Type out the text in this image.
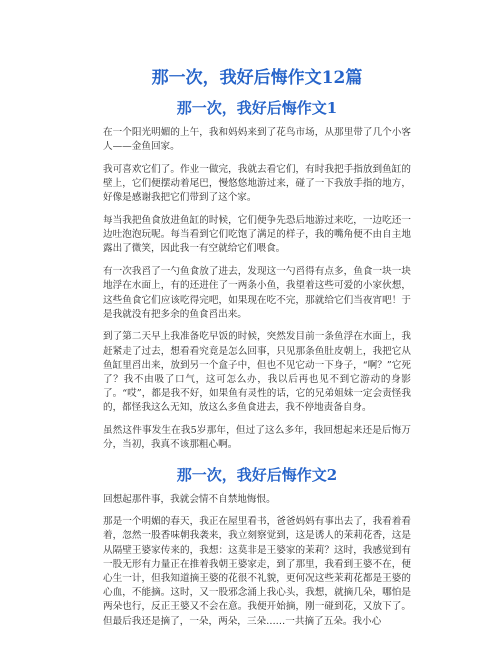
那一次，我好后悔作文12篇
那一次，我好后悔作文1

在一个阳光明媚的上午，我和妈妈来到了花鸟市场，从那里带了几个小客人——金鱼回家。

我可喜欢它们了。作业一做完，我就去看它们，有时我把手指放到鱼缸的壁上，它们便摆动着尾巴，慢悠悠地游过来，碰了一下我放手指的地方，好像是感谢我把它们带到了这个家。

每当我把鱼食放进鱼缸的时候，它们便争先恐后地游过来吃，一边吃还一边吐泡泡玩呢。每当看到它们吃饱了满足的样子，我的嘴角便不由自主地露出了微笑，因此我一有空就给它们喂食。

有一次我舀了一勺鱼食放了进去，发现这一勺舀得有点多，鱼食一块一块地浮在水面上，有的还进住了一两条小鱼，我望着这些可爱的小家伙想，这些鱼食它们应该吃得完吧，如果现在吃不完，那就给它们当夜宵吧！于是我就没有把多余的鱼食舀出来。

到了第二天早上我准备吃早饭的时候，突然发目前一条鱼浮在水面上，我赶紧走了过去，想看看究竟是怎么回事，只见那条鱼肚皮朝上，我把它从鱼缸里舀出来，放到另一个盒子中，但也不见它动一下身子，“啊？”它死了？我不由吸了口气，这可怎么办，我以后再也见不到它游动的身影了。“哎”，都是我不好，如果鱼有灵性的话，它的兄弟姐妹一定会责怪我的，都怪我这么无知，放这么多鱼食进去，我不停地责备自身。

虽然这件事发生在我5岁那年，但过了这么多年，我回想起来还是后悔万分，当初，我真不该那粗心啊。

那一次，我好后悔作文2

回想起那件事，我就会情不自禁地悔恨。

那是一个明媚的春天，我正在屋里看书，爸爸妈妈有事出去了，我看着看着，忽然一股香味朝我袭来，我立刻察觉到，这是诱人的茉莉花香，这是从隔壁王婆家传来的，我想：这莫非是王婆家的茉莉？这时，我感觉到有一股无形有力量正在推着我朝王婆家走，到了那里，我看到王婆不在，便心生一计，但我知道摘王婆的花很不礼貌，更何况这些茉莉花都是王婆的心血，不能摘。这时，又一股邪念涌上我心头，我想，就摘几朵，哪怕是两朵也行，反正王婆又不会在意。我便开始摘，刚一碰到花，又放下了。但最后我还是摘了，一朵，两朵，三朵……一共摘了五朵。我小心
